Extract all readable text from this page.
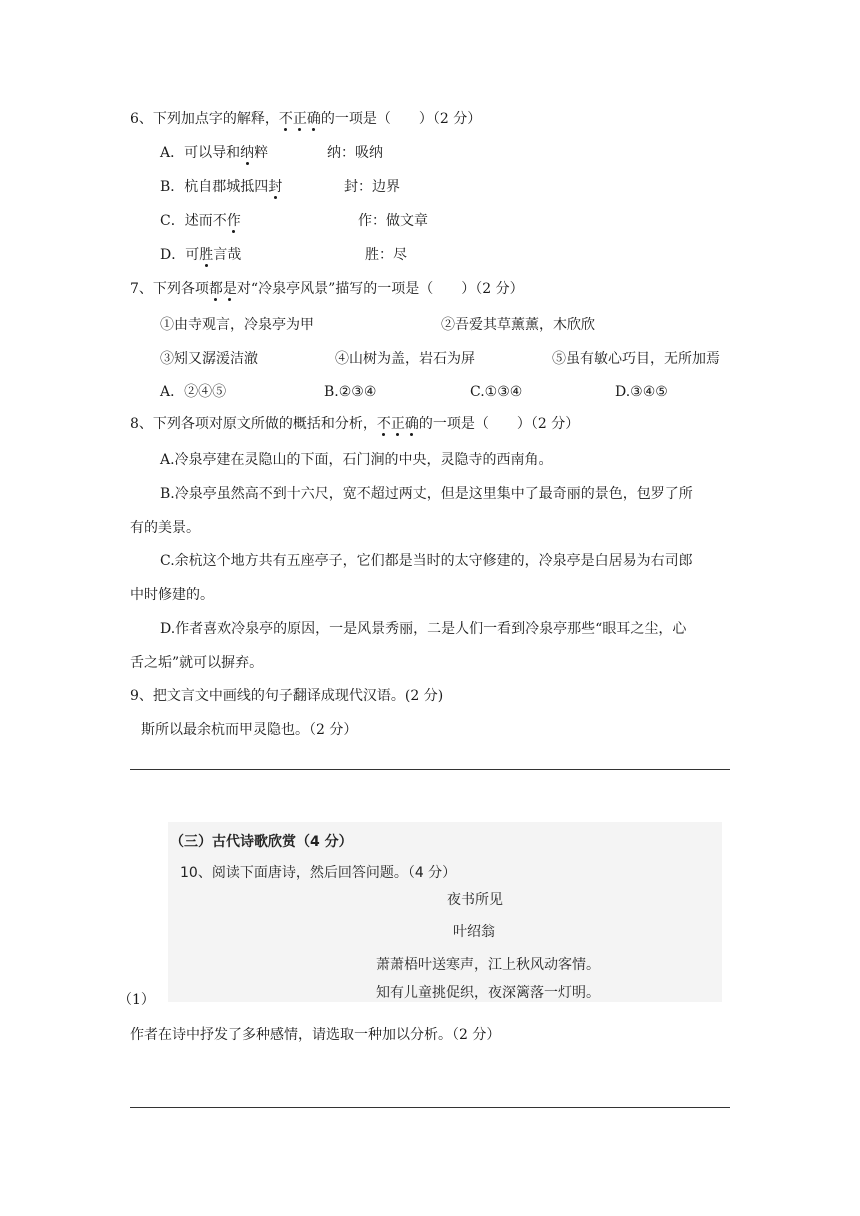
6、下列加点字的解释，不正确的一项是（　　）（2 分）
A．可以导和纳粹	纳：吸纳
B．杭自郡城抵四封	封：边界
C．述而不作	作：做文章
D．可胜言哉	胜：尽
7、下列各项都是对“冷泉亭风景”描写的一项是（　　）（2 分）
①由寺观言，冷泉亭为甲	②吾爱其草薰薰，木欣欣
③矧又潺湲洁澈	④山树为盖，岩石为屏	⑤虽有敏心巧目，无所加焉
A．②④⑤	B.②③④	C.①③④	D.③④⑤
8、下列各项对原文所做的概括和分析，不正确的一项是（　　）（2 分）
A.冷泉亭建在灵隐山的下面，石门涧的中央，灵隐寺的西南角。
B.冷泉亭虽然高不到十六尺，宽不超过两丈，但是这里集中了最奇丽的景色，包罗了所
有的美景。
C.余杭这个地方共有五座亭子，它们都是当时的太守修建的，冷泉亭是白居易为右司郎
中时修建的。
D.作者喜欢冷泉亭的原因，一是风景秀丽，二是人们一看到冷泉亭那些“眼耳之尘，心
舌之垢”就可以摒弃。
9、把文言文中画线的句子翻译成现代汉语。(2 分)
斯所以最余杭而甲灵隐也。（2 分）
（三）古代诗歌欣赏（4 分）
10、阅读下面唐诗，然后回答问题。（4 分）
夜书所见
叶绍翁
萧萧梧叶送寒声，江上秋风动客情。
知有儿童挑促织，夜深篱落一灯明。
（1）
作者在诗中抒发了多种感情，请选取一种加以分析。（2 分）
